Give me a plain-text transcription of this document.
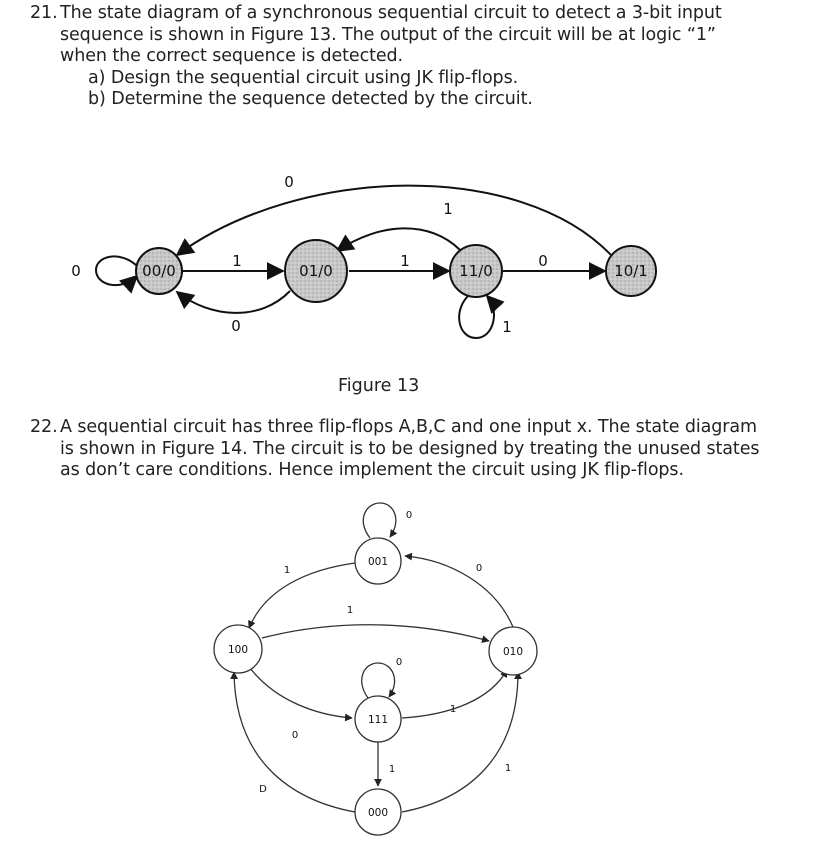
21. The state diagram of a synchronous sequential circuit to detect a 3-bit input
sequence is shown in Figure 13. The output of the circuit will be at logic “1”
when the correct sequence is detected.
a) Design the sequential circuit using JK flip-flops.
b) Determine the sequence detected by the circuit.
00/0	01/0	11/0	10/1
0
1
0
1
1
0
1
0
001
100	010
111
000
0
1	0
1
0
0
1
1
D
1
Figure 13
22. A sequential circuit has three flip-flops A,B,C and one input x. The state diagram
is shown in Figure 14. The circuit is to be designed by treating the unused states
as don’t care conditions. Hence implement the circuit using JK flip-flops.
